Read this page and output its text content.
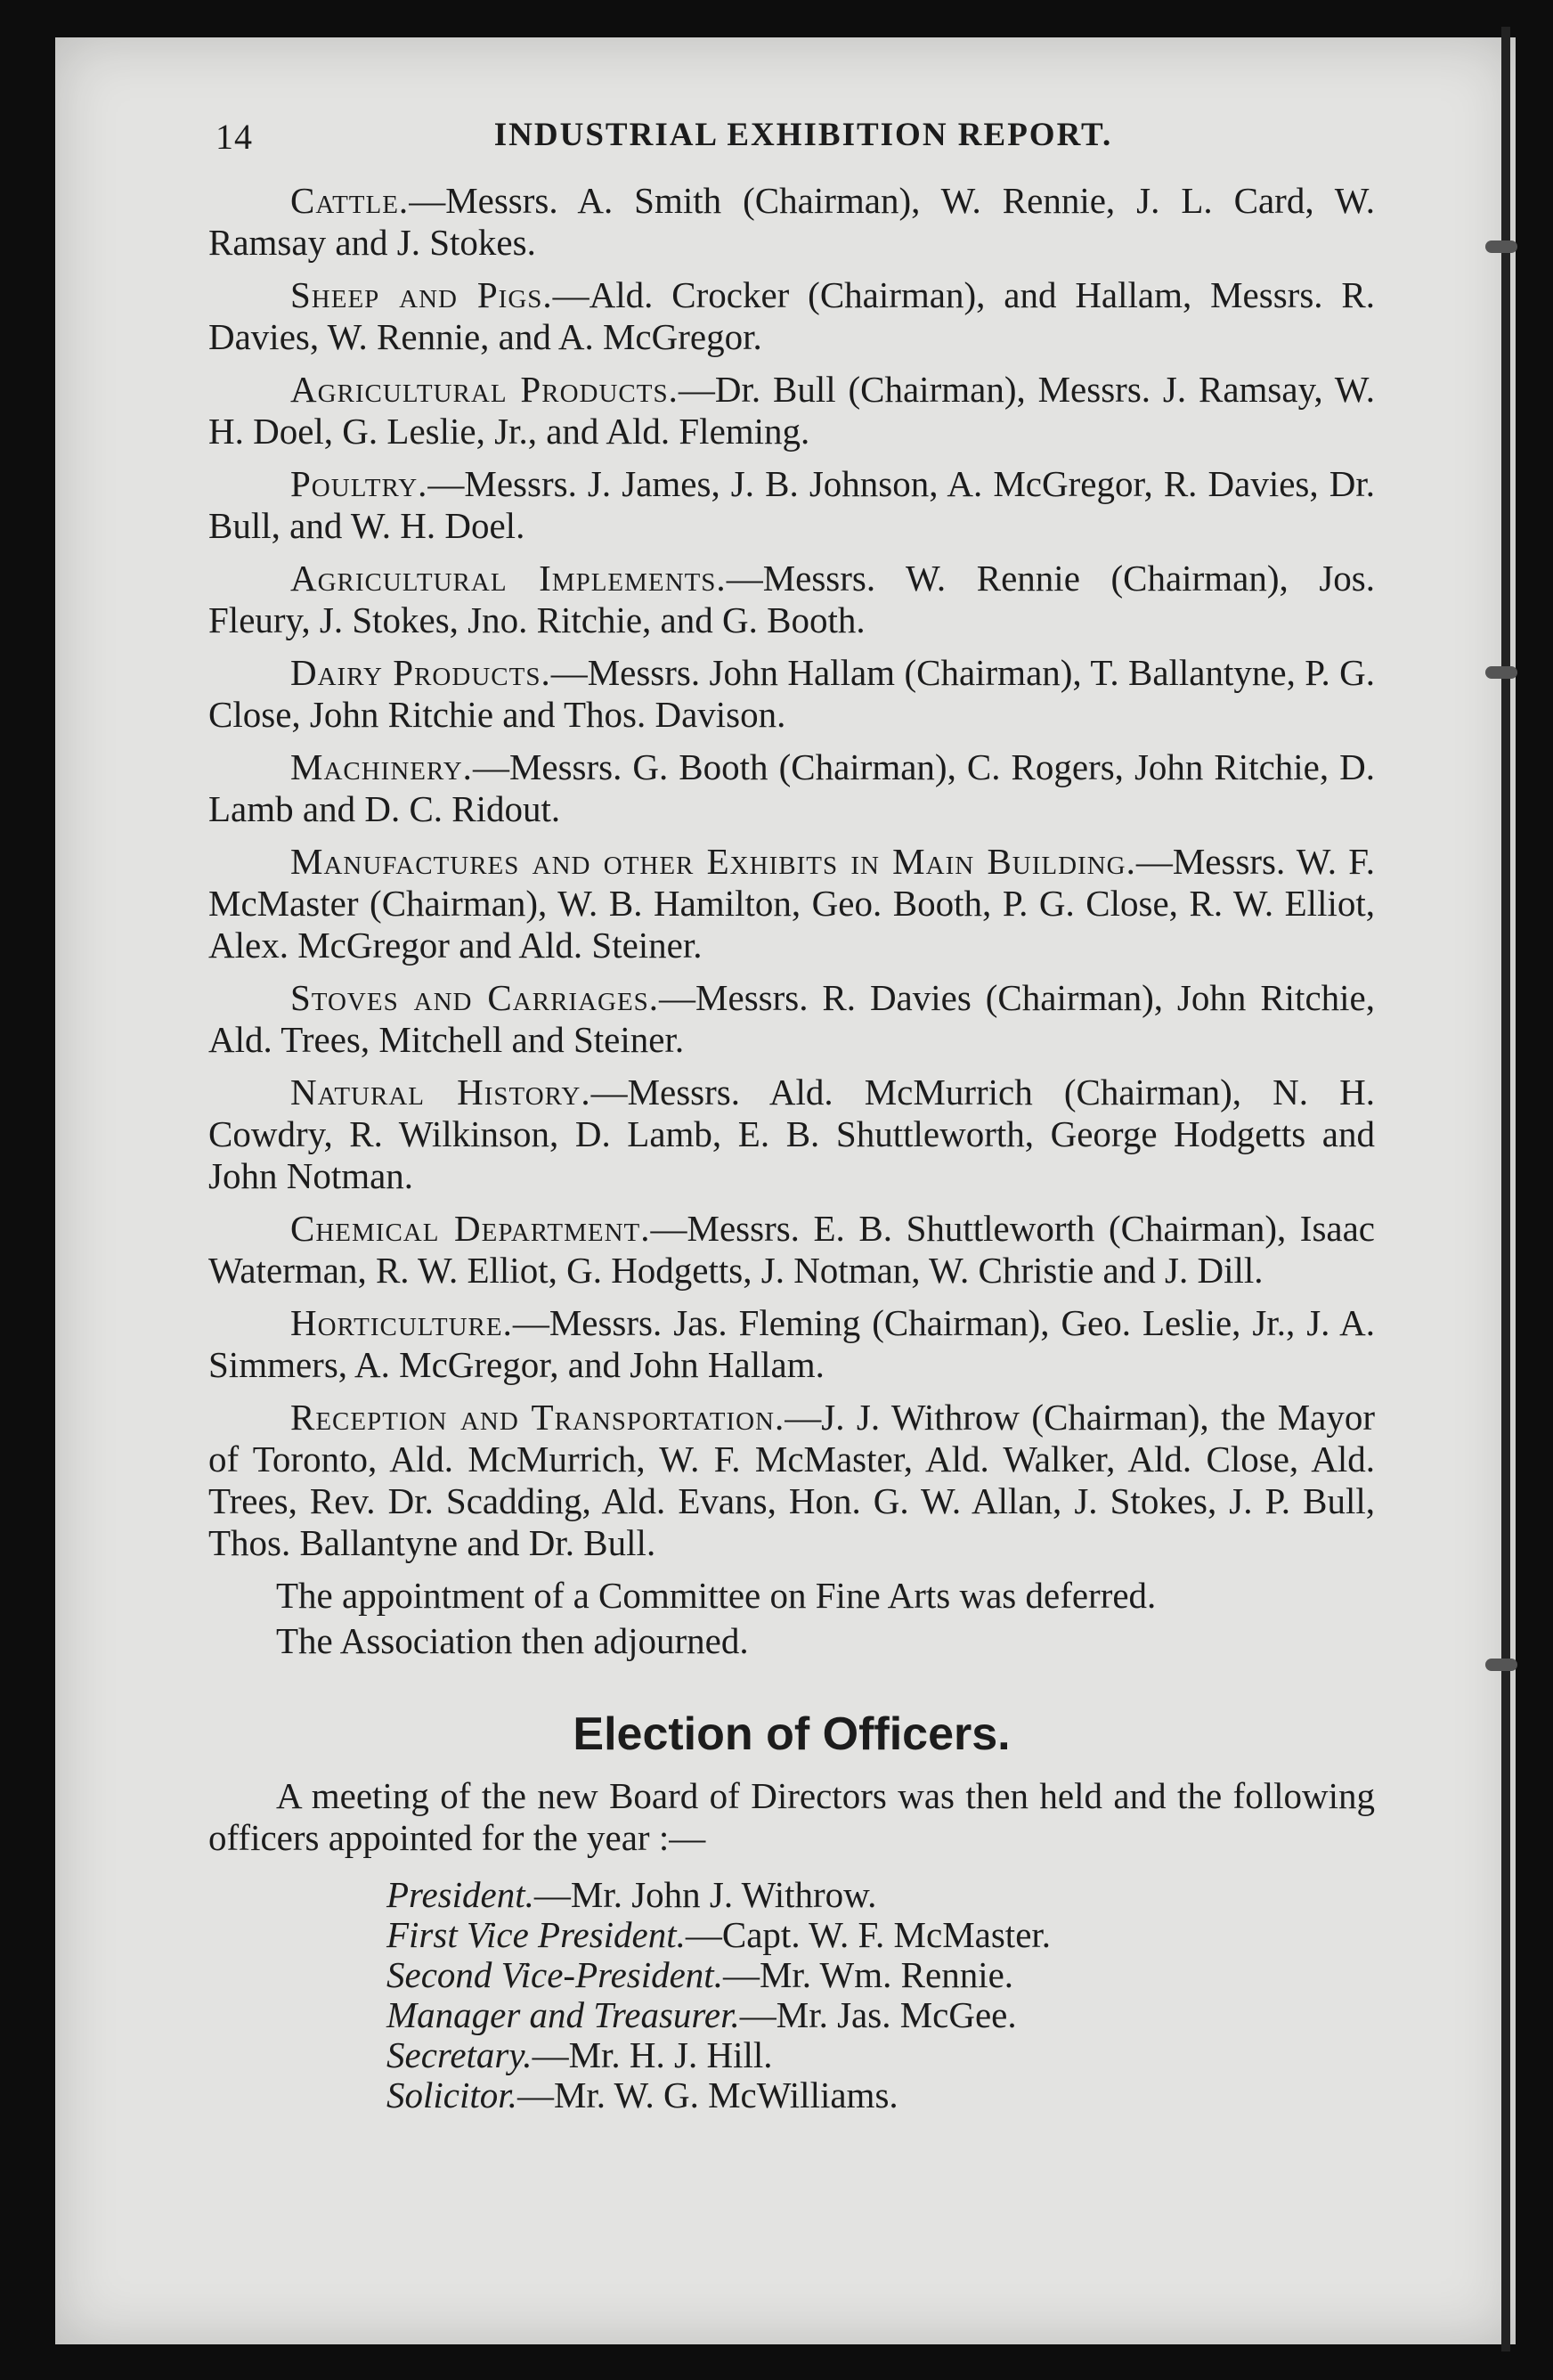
14	INDUSTRIAL EXHIBITION REPORT.

Cattle.—Messrs. A. Smith (Chairman), W. Rennie, J. L. Card, W. Ramsay and J. Stokes.

Sheep and Pigs.—Ald. Crocker (Chairman), and Hallam, Messrs. R. Davies, W. Rennie, and A. McGregor.

Agricultural Products.—Dr. Bull (Chairman), Messrs. J. Ramsay, W. H. Doel, G. Leslie, Jr., and Ald. Fleming.

Poultry.—Messrs. J. James, J. B. Johnson, A. McGregor, R. Davies, Dr. Bull, and W. H. Doel.

Agricultural Implements.—Messrs. W. Rennie (Chairman), Jos. Fleury, J. Stokes, Jno. Ritchie, and G. Booth.

Dairy Products.—Messrs. John Hallam (Chairman), T. Ballantyne, P. G. Close, John Ritchie and Thos. Davison.

Machinery.—Messrs. G. Booth (Chairman), C. Rogers, John Ritchie, D. Lamb and D. C. Ridout.

Manufactures and other Exhibits in Main Building.—Messrs. W. F. McMaster (Chairman), W. B. Hamilton, Geo. Booth, P. G. Close, R. W. Elliot, Alex. McGregor and Ald. Steiner.

Stoves and Carriages.—Messrs. R. Davies (Chairman), John Ritchie, Ald. Trees, Mitchell and Steiner.

Natural History.—Messrs. Ald. McMurrich (Chairman), N. H. Cowdry, R. Wilkinson, D. Lamb, E. B. Shuttleworth, George Hodgetts and John Notman.

Chemical Department.—Messrs. E. B. Shuttleworth (Chairman), Isaac Waterman, R. W. Elliot, G. Hodgetts, J. Notman, W. Christie and J. Dill.

Horticulture.—Messrs. Jas. Fleming (Chairman), Geo. Leslie, Jr., J. A. Simmers, A. McGregor, and John Hallam.

Reception and Transportation.—J. J. Withrow (Chairman), the Mayor of Toronto, Ald. McMurrich, W. F. McMaster, Ald. Walker, Ald. Close, Ald. Trees, Rev. Dr. Scadding, Ald. Evans, Hon. G. W. Allan, J. Stokes, J. P. Bull, Thos. Ballantyne and Dr. Bull.

The appointment of a Committee on Fine Arts was deferred.

The Association then adjourned.

Election of Officers.

A meeting of the new Board of Directors was then held and the following officers appointed for the year :—

President.—Mr. John J. Withrow.
First Vice President.—Capt. W. F. McMaster.
Second Vice-President.—Mr. Wm. Rennie.
Manager and Treasurer.—Mr. Jas. McGee.
Secretary.—Mr. H. J. Hill.
Solicitor.—Mr. W. G. McWilliams.
